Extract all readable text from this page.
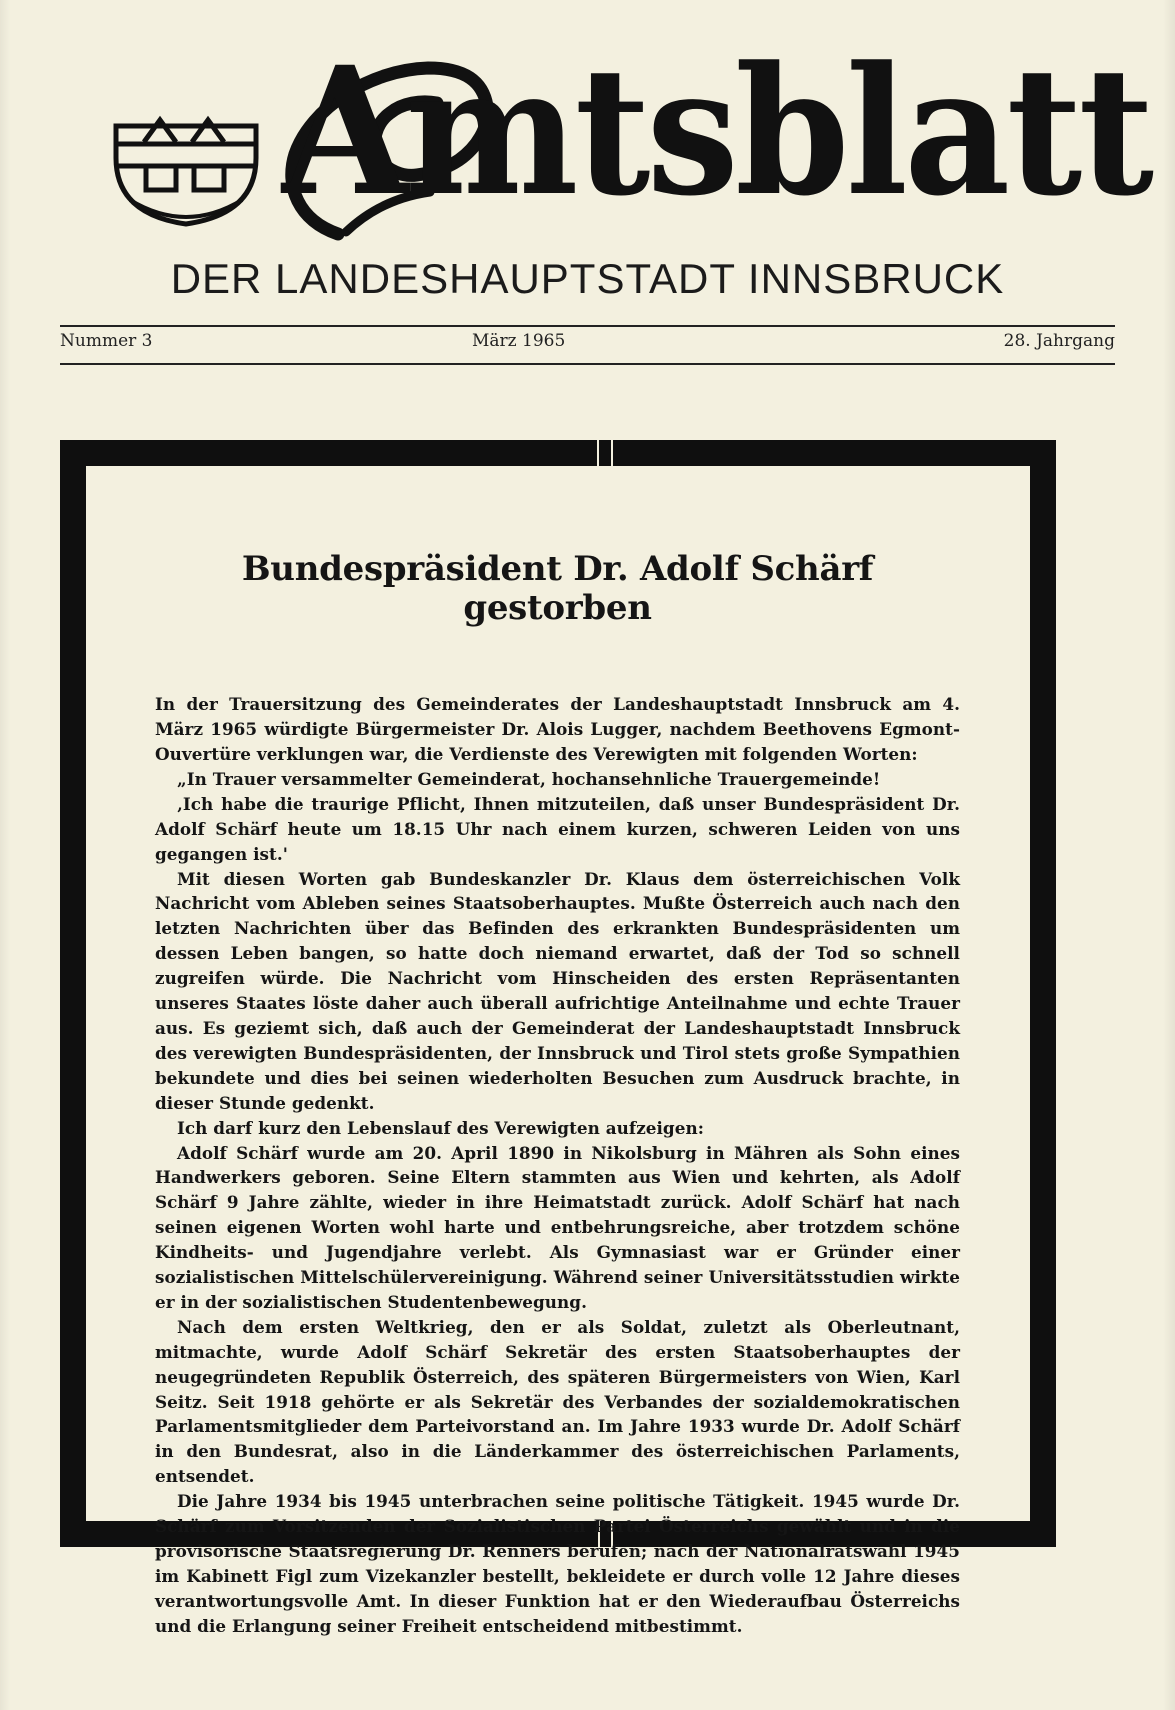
Amtsblatt
DER LANDESHAUPTSTADT INNSBRUCK
Nummer 3	März 1965	28. Jahrgang
Bundespräsident Dr. Adolf Schärf gestorben

In der Trauersitzung des Gemeinderates der Landeshauptstadt Innsbruck am 4. März 1965 würdigte Bürgermeister Dr. Alois Lugger, nachdem Beethovens Egmont-Ouvertüre verklungen war, die Verdienste des Verewigten mit folgenden Worten:

„In Trauer versammelter Gemeinderat, hochansehnliche Trauergemeinde!

‚Ich habe die traurige Pflicht, Ihnen mitzuteilen, daß unser Bundespräsident Dr. Adolf Schärf heute um 18.15 Uhr nach einem kurzen, schweren Leiden von uns gegangen ist.'

Mit diesen Worten gab Bundeskanzler Dr. Klaus dem österreichischen Volk Nachricht vom Ableben seines Staatsoberhauptes. Mußte Österreich auch nach den letzten Nachrichten über das Befinden des erkrankten Bundespräsidenten um dessen Leben bangen, so hatte doch niemand erwartet, daß der Tod so schnell zugreifen würde. Die Nachricht vom Hinscheiden des ersten Repräsentanten unseres Staates löste daher auch überall aufrichtige Anteilnahme und echte Trauer aus. Es geziemt sich, daß auch der Gemeinderat der Landeshauptstadt Innsbruck des verewigten Bundespräsidenten, der Innsbruck und Tirol stets große Sympathien bekundete und dies bei seinen wiederholten Besuchen zum Ausdruck brachte, in dieser Stunde gedenkt.

Ich darf kurz den Lebenslauf des Verewigten aufzeigen:

Adolf Schärf wurde am 20. April 1890 in Nikolsburg in Mähren als Sohn eines Handwerkers geboren. Seine Eltern stammten aus Wien und kehrten, als Adolf Schärf 9 Jahre zählte, wieder in ihre Heimatstadt zurück. Adolf Schärf hat nach seinen eigenen Worten wohl harte und entbehrungsreiche, aber trotzdem schöne Kindheits- und Jugendjahre verlebt. Als Gymnasiast war er Gründer einer sozialistischen Mittelschülervereinigung. Während seiner Universitätsstudien wirkte er in der sozialistischen Studentenbewegung.

Nach dem ersten Weltkrieg, den er als Soldat, zuletzt als Oberleutnant, mitmachte, wurde Adolf Schärf Sekretär des ersten Staatsoberhauptes der neugegründeten Republik Österreich, des späteren Bürgermeisters von Wien, Karl Seitz. Seit 1918 gehörte er als Sekretär des Verbandes der sozialdemokratischen Parlamentsmitglieder dem Parteivorstand an. Im Jahre 1933 wurde Dr. Adolf Schärf in den Bundesrat, also in die Länderkammer des österreichischen Parlaments, entsendet.

Die Jahre 1934 bis 1945 unterbrachen seine politische Tätigkeit. 1945 wurde Dr. Schärf zum Vorsitzenden der Sozialistischen Partei Österreichs gewählt und in die provisorische Staatsregierung Dr. Renners berufen; nach der Nationalratswahl 1945 im Kabinett Figl zum Vizekanzler bestellt, bekleidete er durch volle 12 Jahre dieses verantwortungsvolle Amt. In dieser Funktion hat er den Wiederaufbau Österreichs und die Erlangung seiner Freiheit entscheidend mitbestimmt.
